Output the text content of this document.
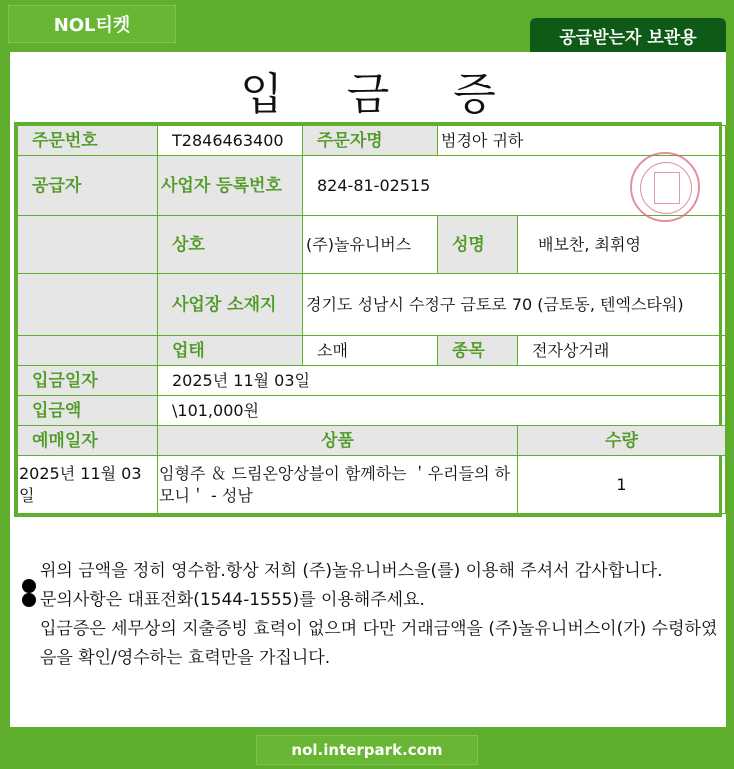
NOL티켓
공급받는자 보관용
입금증
주문번호	T2846463400	주문자명	범경아 귀하	
공급자	사업자 등록번호	824-81-02515		
	상호	(주)놀유니버스	성명	배보찬, 최휘영
	사업장 소재지	경기도 성남시 수정구 금토로 70 (금토동, 텐엑스타워)		
	업태	소매	종목	전자상거래
입금일자	2025년 11월 03일			
입금액	\101,000원			
예매일자	상품			수량
2025년 11월 03일	임형주 ＆ 드림온앙상블이 함께하는 ＇우리들의 하모니＇ - 성남			1
위의 금액을 정히 영수함.항상 저희 (주)놀유니버스을(를) 이용해 주셔서 감사합니다.
문의사항은 대표전화(1544-1555)를 이용해주세요.
입금증은 세무상의 지출증빙 효력이 없으며 다만 거래금액을 (주)놀유니버스이(가) 수령하였음을 확인/영수하는 효력만을 가집니다.
nol.interpark.com
